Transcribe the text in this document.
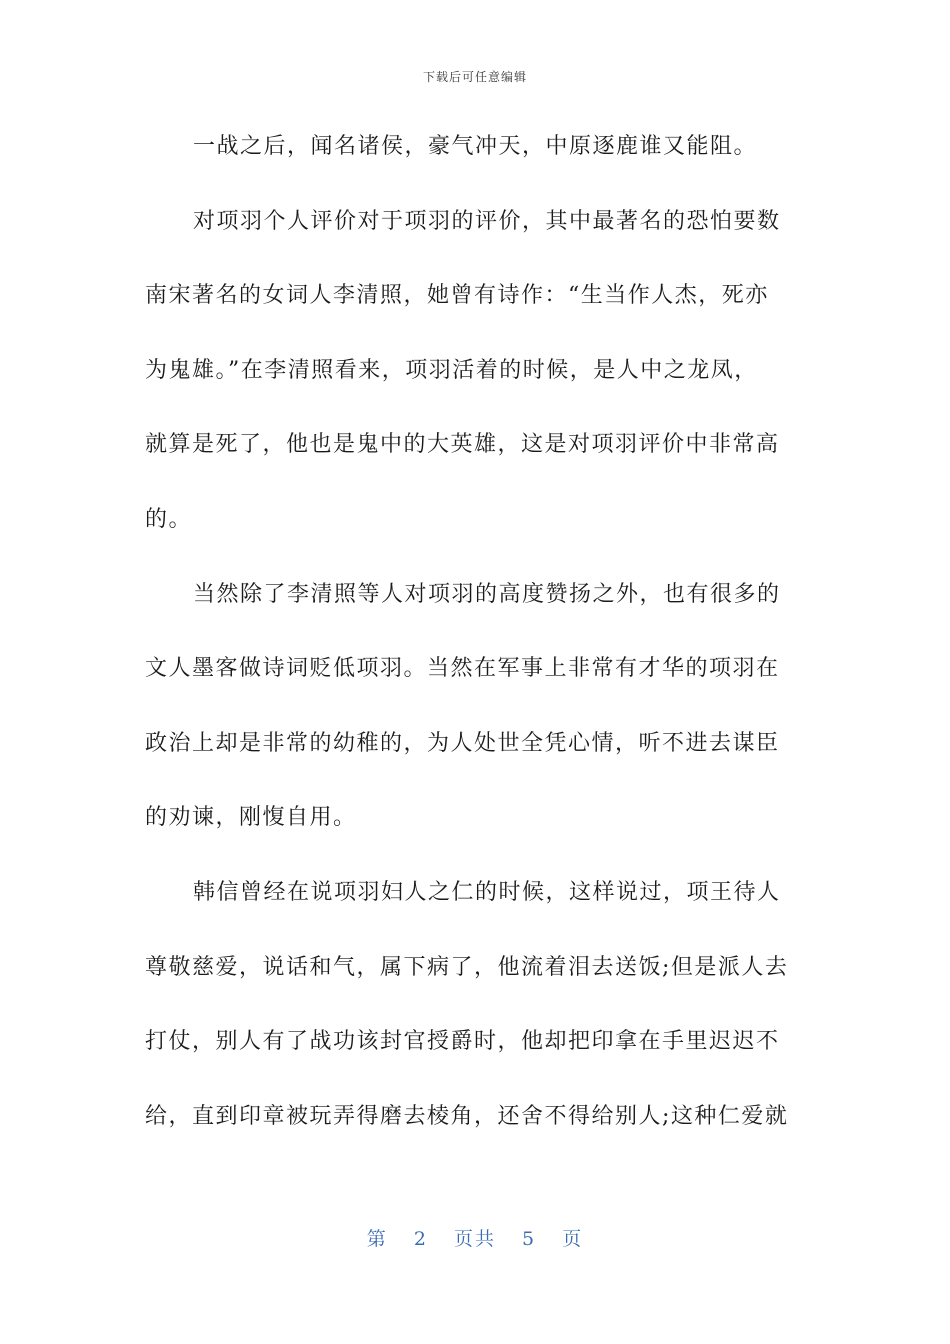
下载后可任意编辑
一战之后，闻名诸侯，豪气冲天，中原逐鹿谁又能阻。
对项羽个人评价对于项羽的评价，其中最著名的恐怕要数
南宋著名的女词人李清照，她曾有诗作：“生当作人杰，死亦
为鬼雄。”在李清照看来，项羽活着的时候，是人中之龙凤，
就算是死了，他也是鬼中的大英雄，这是对项羽评价中非常高
的。
当然除了李清照等人对项羽的高度赞扬之外，也有很多的
文人墨客做诗词贬低项羽。当然在军事上非常有才华的项羽在
政治上却是非常的幼稚的，为人处世全凭心情，听不进去谋臣
的劝谏，刚愎自用。
韩信曾经在说项羽妇人之仁的时候，这样说过，项王待人
尊敬慈爱，说话和气，属下病了，他流着泪去送饭;但是派人去
打仗，别人有了战功该封官授爵时，他却把印拿在手里迟迟不
给，直到印章被玩弄得磨去棱角，还舍不得给别人;这种仁爱就
第 2 页共 5 页
